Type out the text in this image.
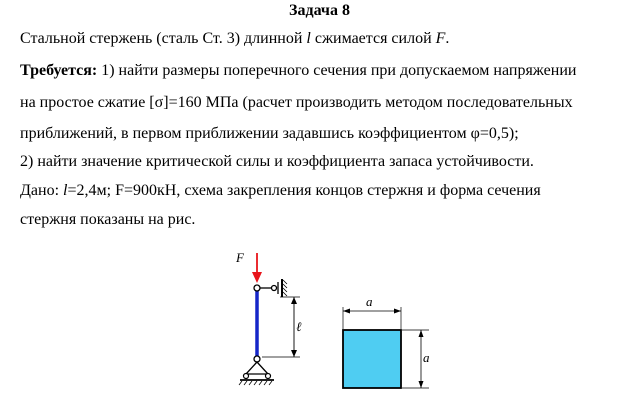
Задача 8
Стальной стержень (сталь Ст. 3) длинной l сжимается силой F.
Требуется: 1) найти размеры поперечного сечения при допускаемом напряжении
на простое сжатие [σ]=160 МПа (расчет производить методом последовательных
приближений, в первом приближении задавшись коэффициентом φ=0,5);
2) найти значение критической силы и коэффициента запаса устойчивости.
Дано: l=2,4м; F=900кН, схема закрепления концов стержня и форма сечения
стержня показаны на рис.
F
ℓ
a
a
